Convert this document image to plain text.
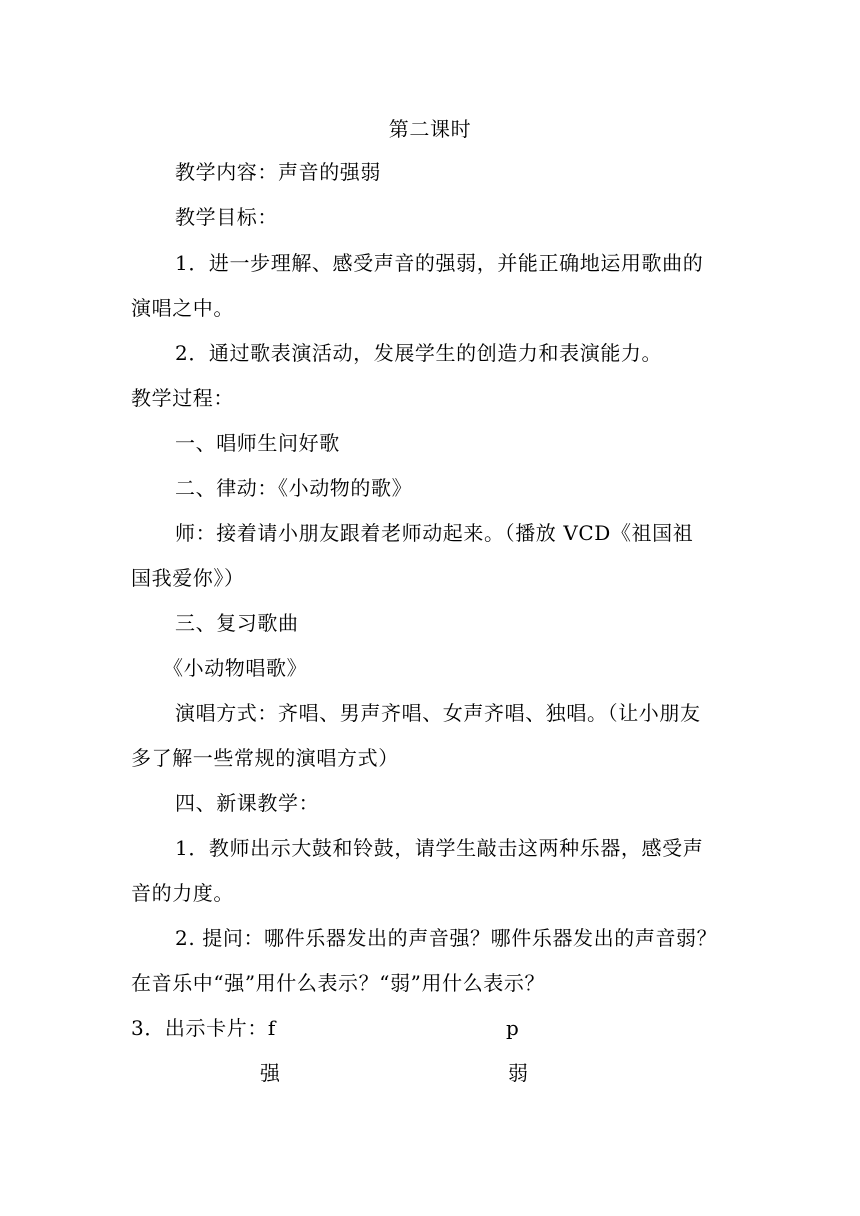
第二课时
教学内容：声音的强弱
教学目标：
1．进一步理解、感受声音的强弱，并能正确地运用歌曲的
演唱之中。
2．通过歌表演活动，发展学生的创造力和表演能力。
教学过程：
一、唱师生问好歌
二、律动：《小动物的歌》
师：接着请小朋友跟着老师动起来。（播放 VCD《祖国祖
国我爱你》）
三、复习歌曲
《小动物唱歌》
演唱方式：齐唱、男声齐唱、女声齐唱、独唱。（让小朋友
多了解一些常规的演唱方式）
四、新课教学：
1．教师出示大鼓和铃鼓，请学生敲击这两种乐器，感受声
音的力度。
2. 提问：哪件乐器发出的声音强？哪件乐器发出的声音弱？
在音乐中“强”用什么表示？“弱”用什么表示？
3．出示卡片：f	p
强	弱
